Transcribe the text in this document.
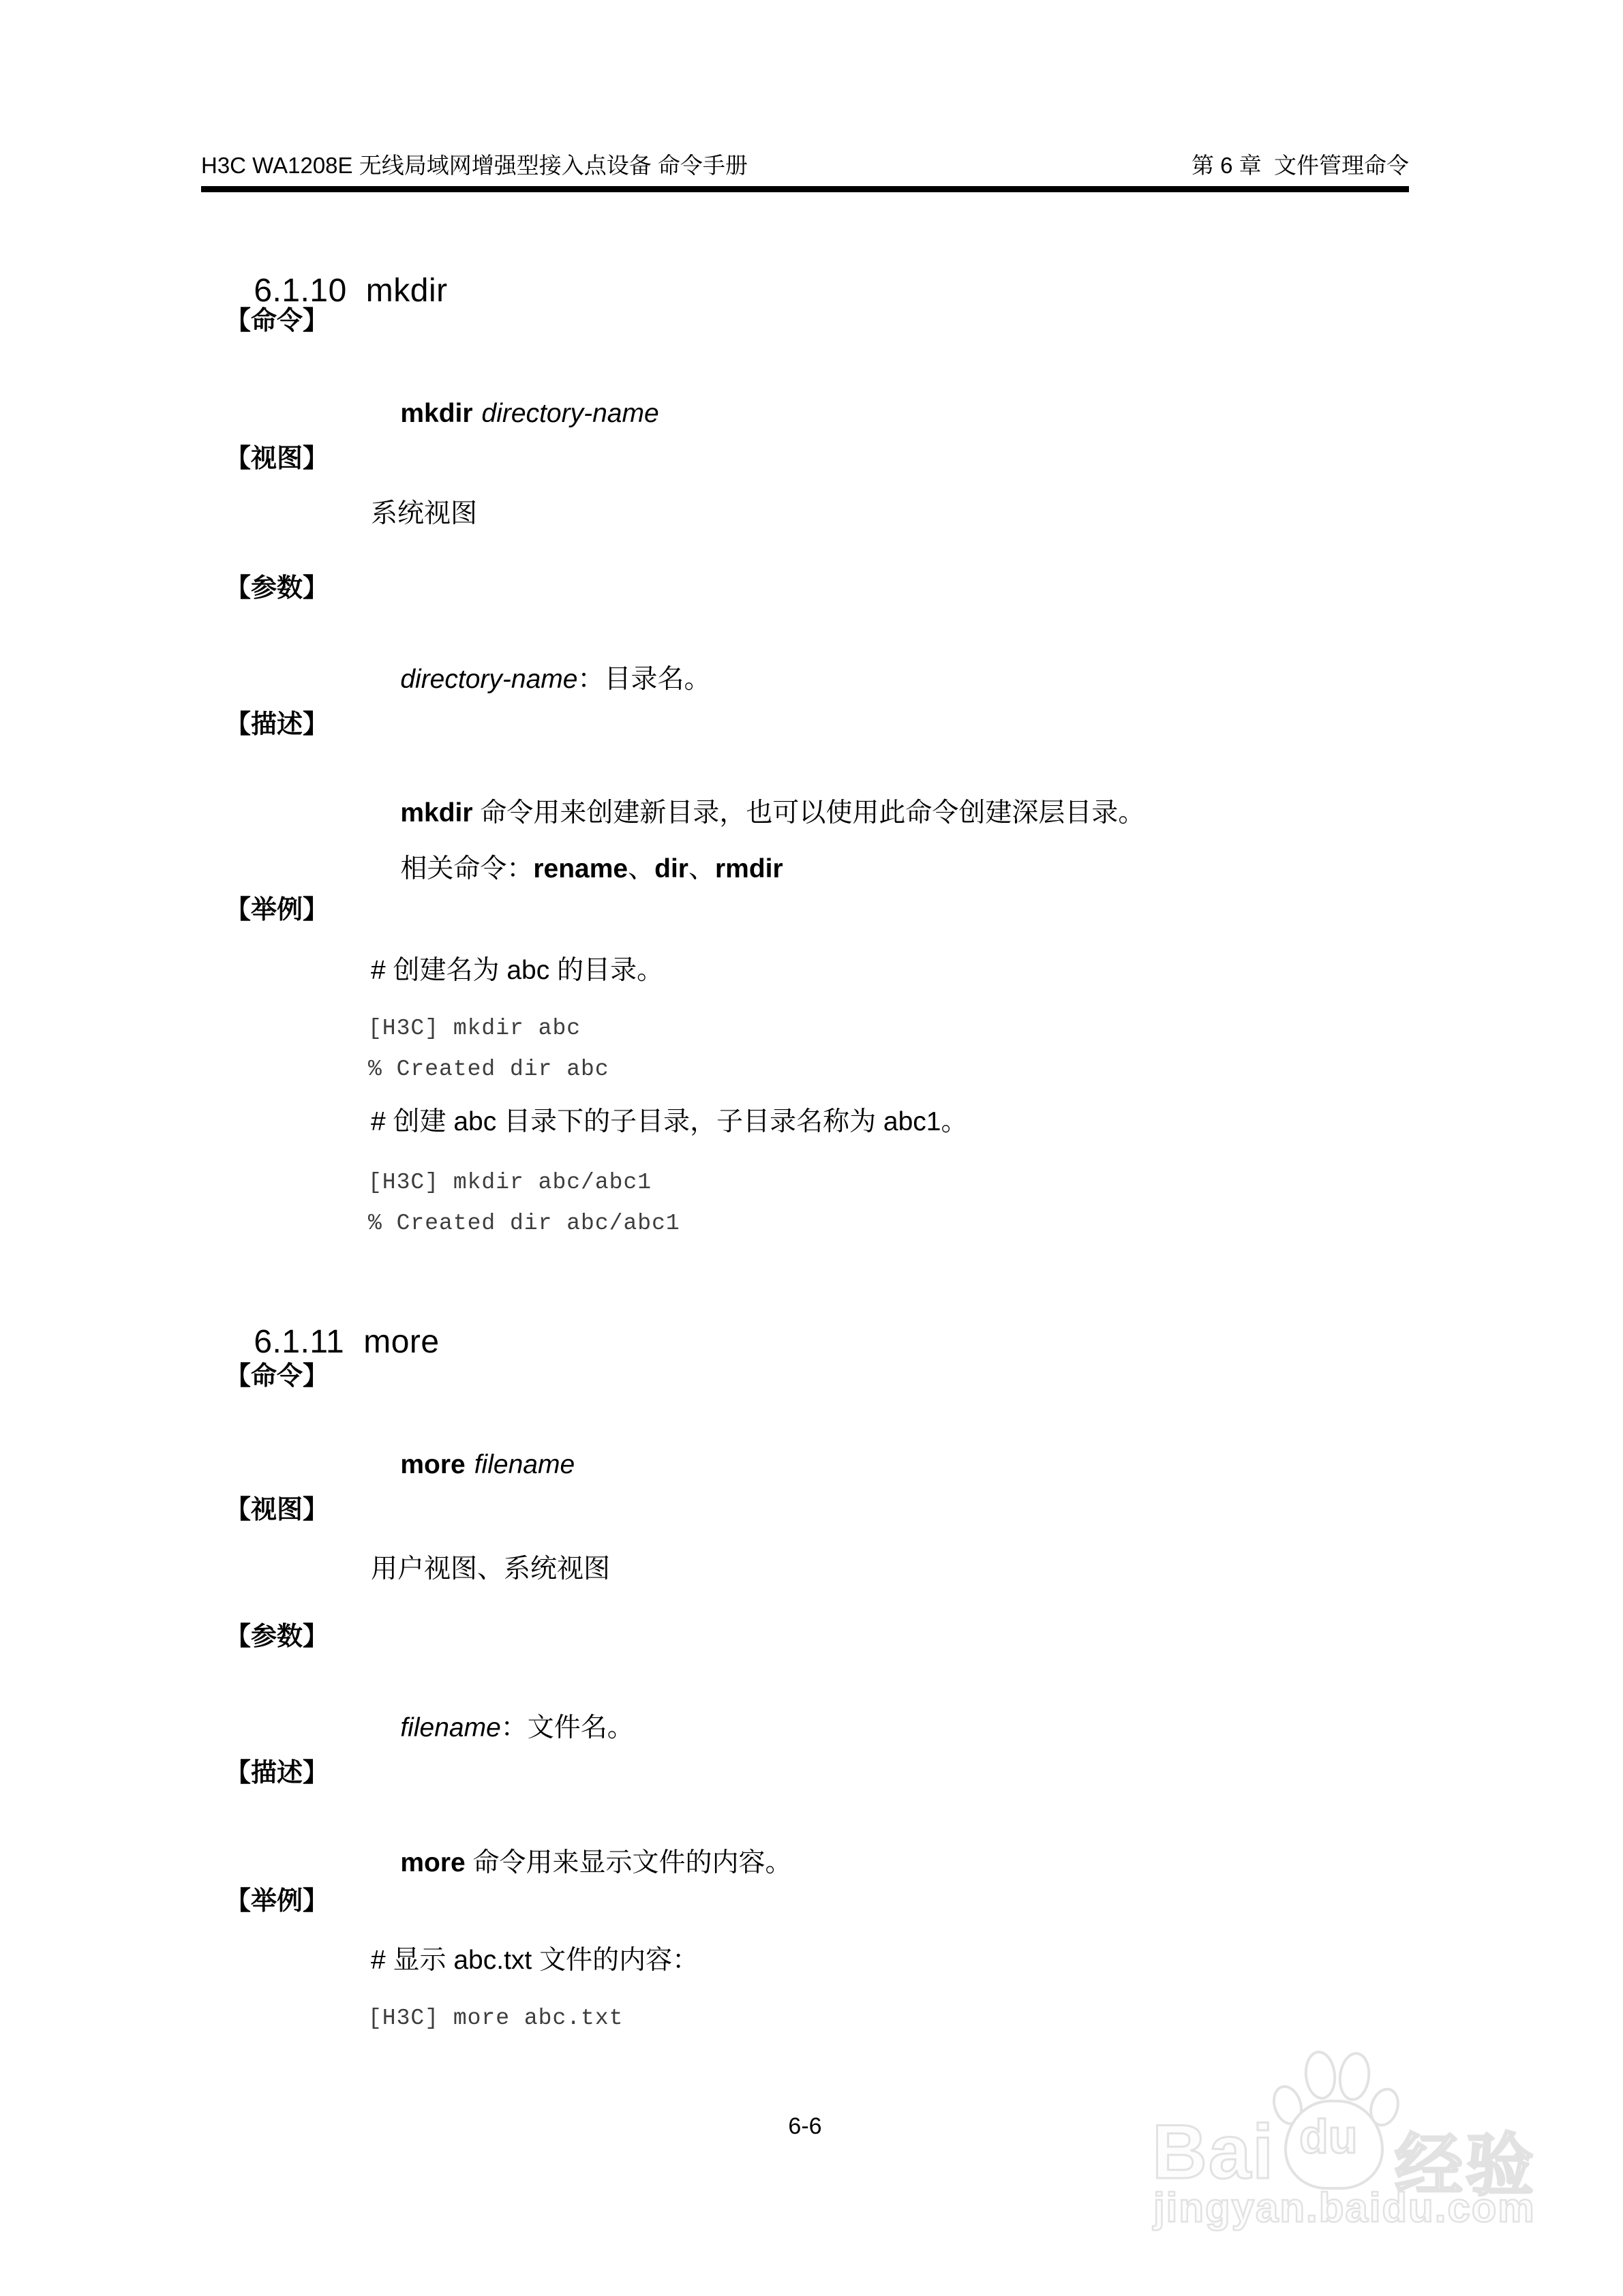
H3C WA1208E 无线局域网增强型接入点设备 命令手册	第 6 章  文件管理命令

6.1.10 mkdir

【命令】

mkdir directory-name

【视图】
系统视图
【参数】

directory-name：目录名。

【描述】

mkdir 命令用来创建新目录，也可以使用此命令创建深层目录。

相关命令：rename、dir、rmdir

【举例】
# 创建名为 abc 的目录。
[H3C] mkdir abc
% Created dir abc
# 创建 abc 目录下的子目录，子目录名称为 abc1。
[H3C] mkdir abc/abc1
% Created dir abc/abc1

6.1.11 more

【命令】

more filename

【视图】
用户视图、系统视图
【参数】

filename：文件名。

【描述】

more 命令用来显示文件的内容。

【举例】
# 显示 abc.txt 文件的内容：
[H3C] more abc.txt
6-6	Bai du 经验
jingyan.baidu.com
